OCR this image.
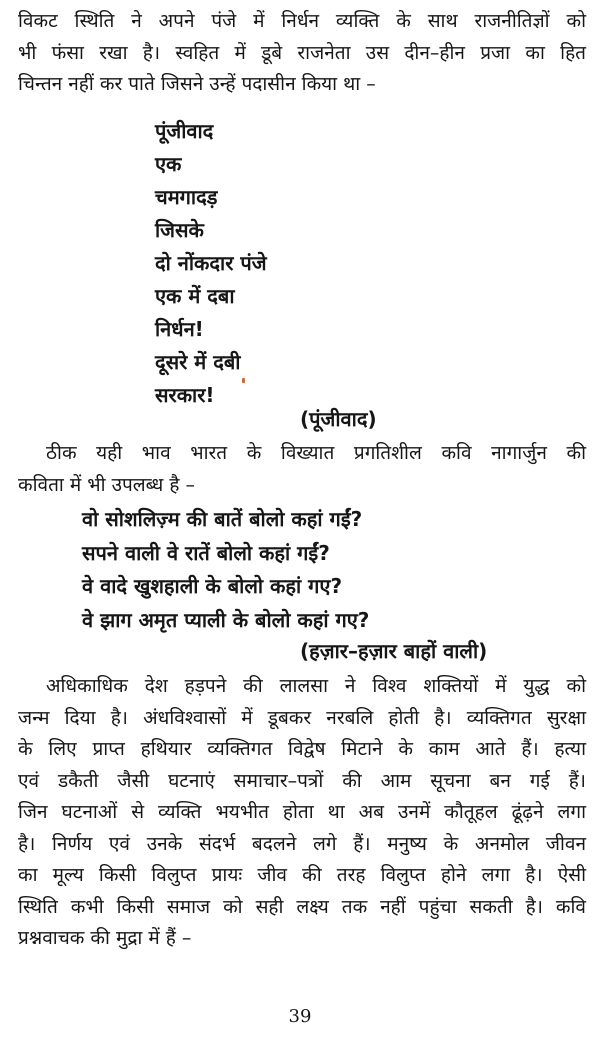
विकट स्थिति ने अपने पंजे में निर्धन व्यक्ति के साथ राजनीतिज्ञों को
भी फंसा रखा है। स्वहित में डूबे राजनेता उस दीन–हीन प्रजा का हित
चिन्तन नहीं कर पाते जिसने उन्हें पदासीन किया था –

पूंजीवाद
एक
चमगादड़
जिसके
दो नोंकदार पंजे
एक में दबा
निर्धन!
दूसरे में दबी
सरकार!
(पूंजीवाद)

ठीक यही भाव भारत के विख्यात प्रगतिशील कवि नागार्जुन की
कविता में भी उपलब्ध है –

वो सोशलिज़्म की बातें बोलो कहां गईं?
सपने वाली वे रातें बोलो कहां गईं?
वे वादे खुशहाली के बोलो कहां गए?
वे झाग अमृत प्याली के बोलो कहां गए?
(हज़ार–हज़ार बाहों वाली)

अधिकाधिक देश हड़पने की लालसा ने विश्व शक्तियों में युद्ध को
जन्म दिया है। अंधविश्वासों में डूबकर नरबलि होती है। व्यक्तिगत सुरक्षा
के लिए प्राप्त हथियार व्यक्तिगत विद्वेष मिटाने के काम आते हैं। हत्या
एवं डकैती जैसी घटनाएं समाचार–पत्रों की आम सूचना बन गई हैं।
जिन घटनाओं से व्यक्ति भयभीत होता था अब उनमें कौतूहल ढूंढ़ने लगा
है। निर्णय एवं उनके संदर्भ बदलने लगे हैं। मनुष्य के अनमोल जीवन
का मूल्य किसी विलुप्त प्रायः जीव की तरह विलुप्त होने लगा है। ऐसी
स्थिति कभी किसी समाज को सही लक्ष्य तक नहीं पहुंचा सकती है। कवि
प्रश्नवाचक की मुद्रा में हैं –

39
